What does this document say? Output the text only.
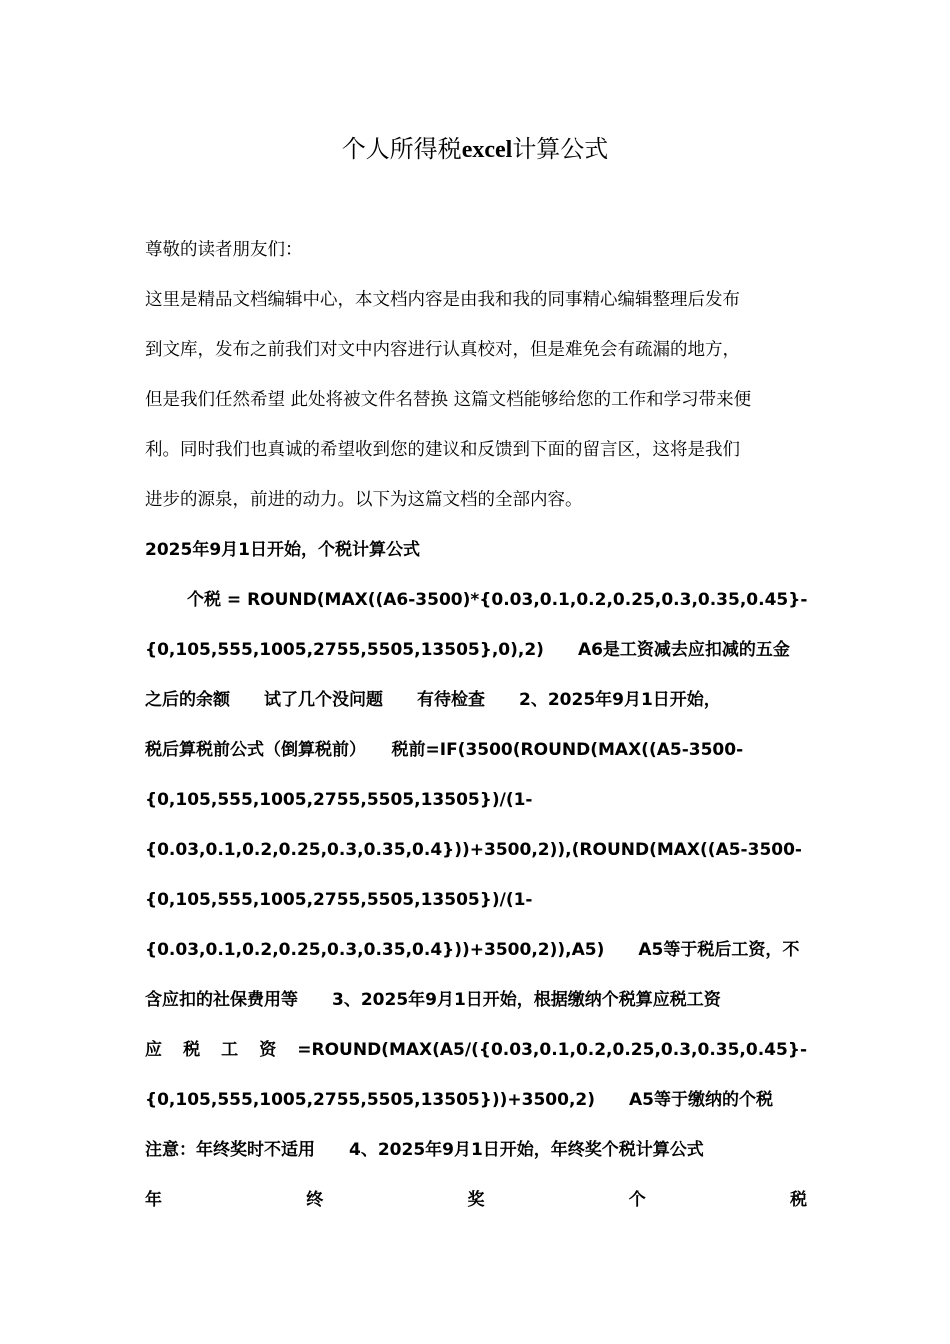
个人所得税excel计算公式
尊敬的读者朋友们：
这里是精品文档编辑中心，本文档内容是由我和我的同事精心编辑整理后发布
到文库，发布之前我们对文中内容进行认真校对，但是难免会有疏漏的地方，
但是我们任然希望 此处将被文件名替换 这篇文档能够给您的工作和学习带来便
利。同时我们也真诚的希望收到您的建议和反馈到下面的留言区，这将是我们
进步的源泉，前进的动力。以下为这篇文档的全部内容。
2025年9月1日开始，个税计算公式
个税 = ROUND(MAX((A6-3500)*{0.03,0.1,0.2,0.25,0.3,0.35,0.45}-
{0,105,555,1005,2755,5505,13505},0),2)　　A6是工资减去应扣减的五金
之后的余额　　试了几个没问题　　有待检查　　2、2025年9月1日开始，
税后算税前公式（倒算税前）　　税前=IF(3500(ROUND(MAX((A5-3500-
{0,105,555,1005,2755,5505,13505})/(1-
{0.03,0.1,0.2,0.25,0.3,0.35,0.4}))+3500,2)),(ROUND(MAX((A5-3500-
{0,105,555,1005,2755,5505,13505})/(1-
{0.03,0.1,0.2,0.25,0.3,0.35,0.4}))+3500,2)),A5)　　A5等于税后工资，不
含应扣的社保费用等　　3、2025年9月1日开始，根据缴纳个税算应税工资
应 税 工 资 =ROUND(MAX(A5/({0.03,0.1,0.2,0.25,0.3,0.35,0.45}-
{0,105,555,1005,2755,5505,13505}))+3500,2)　　A5等于缴纳的个税
注意：年终奖时不适用　　4、2025年9月1日开始，年终奖个税计算公式
年 终 奖 个 税
